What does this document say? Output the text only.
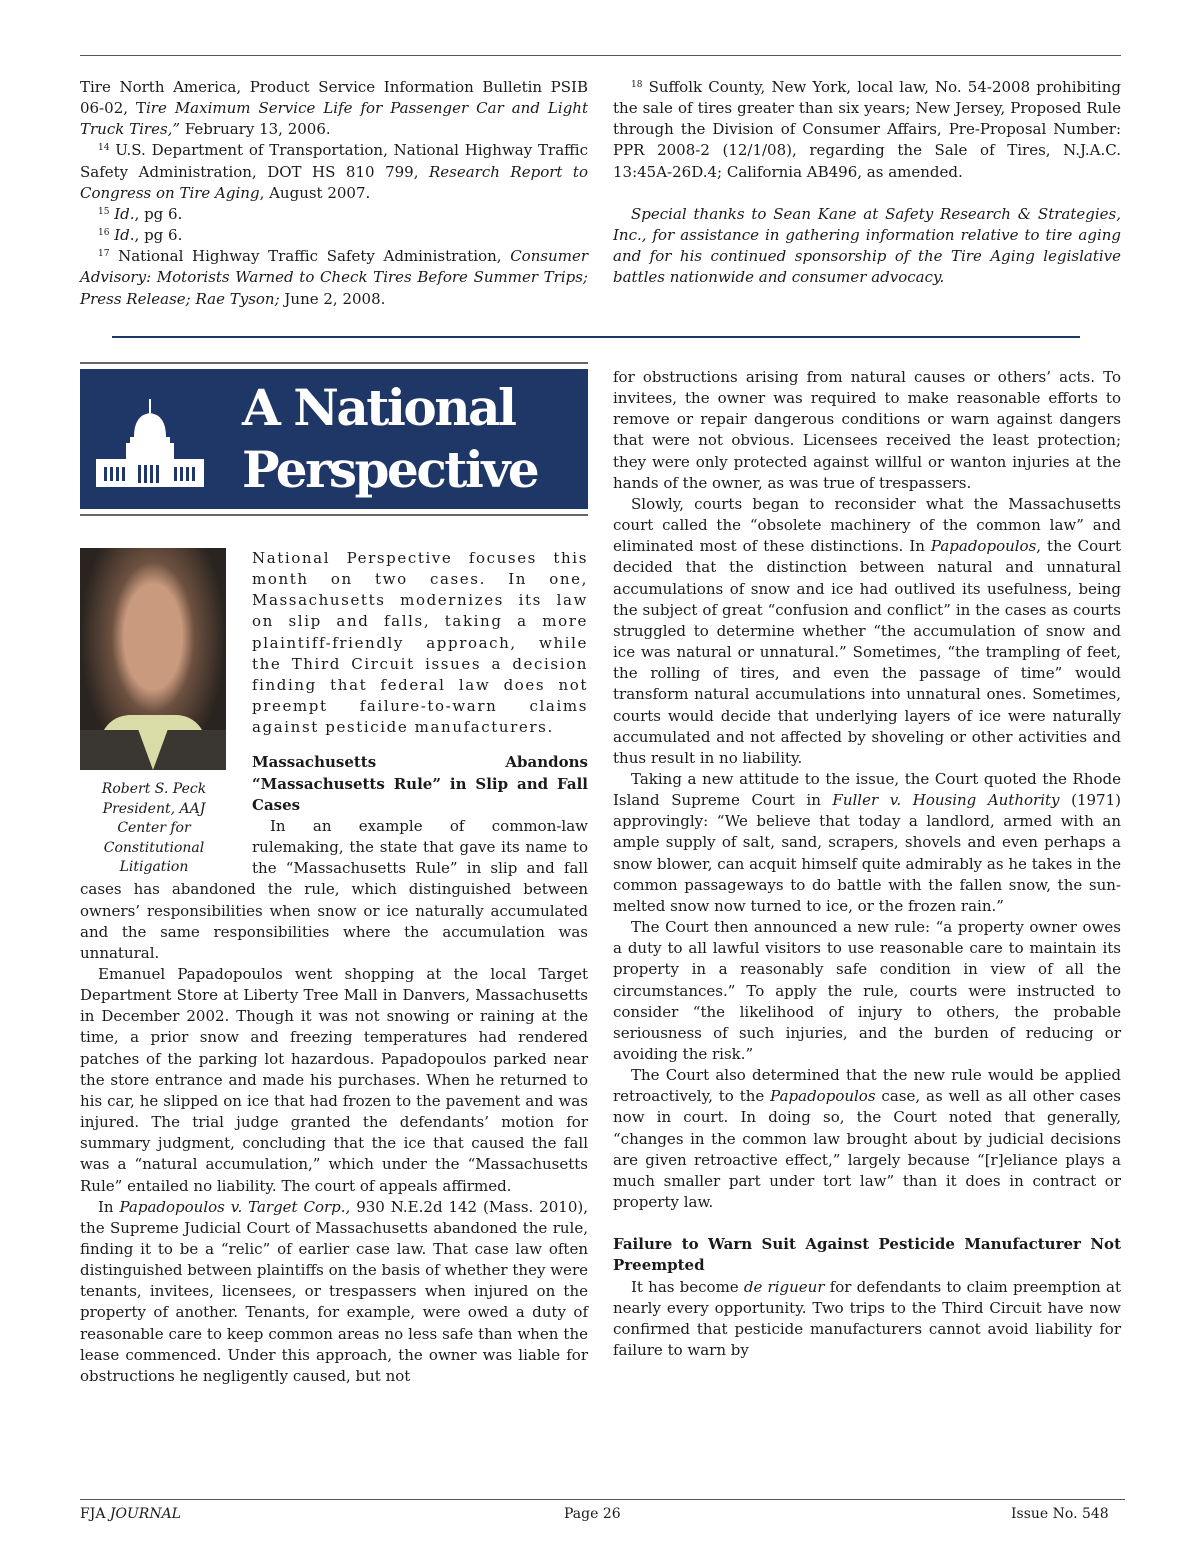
Tire North America, Product Service Information Bulletin PSIB 06-02, Tire Maximum Service Life for Passenger Car and Light Truck Tires,” February 13, 2006.

$^{14}$ U.S. Department of Transportation, National Highway Traffic Safety Administration, DOT HS 810 799, Research Report to Congress on Tire Aging, August 2007.

$^{15}$ Id., pg 6.

$^{16}$ Id., pg 6.

$^{17}$ National Highway Traffic Safety Administration, Consumer Advisory: Motorists Warned to Check Tires Before Summer Trips; Press Release; Rae Tyson; June 2, 2008.

$^{18}$ Suffolk County, New York, local law, No. 54-2008 prohibiting the sale of tires greater than six years; New Jersey, Proposed Rule through the Division of Consumer Affairs, Pre-Proposal Number: PPR 2008-2 (12/1/08), regarding the Sale of Tires, N.J.A.C. 13:45A-26D.4; California AB496, as amended.

Special thanks to Sean Kane at Safety Research & Strategies, Inc., for assistance in gathering information relative to tire aging and for his continued sponsorship of the Tire Aging legislative battles nationwide and consumer advocacy.

A National
Perspective
Robert S. Peck President, AAJ Center for Constitutional Litigation

National Perspective focuses this month on two cases. In one, Massachusetts modernizes its law on slip and falls, taking a more plaintiff-friendly approach, while the Third Circuit issues a decision finding that federal law does not preempt failure-to-warn claims against pesticide manufacturers.

Massachusetts Abandons “Massachusetts Rule” in Slip and Fall Cases

In an example of common-law rulemaking, the state that gave its name to the “Massachusetts Rule” in slip and fall cases has abandoned the rule, which distinguished between owners’ responsibilities when snow or ice naturally accumulated and the same responsibilities where the accumulation was unnatural.

Emanuel Papadopoulos went shopping at the local Target Department Store at Liberty Tree Mall in Danvers, Massachusetts in December 2002. Though it was not snowing or raining at the time, a prior snow and freezing temperatures had rendered patches of the parking lot hazardous. Papadopoulos parked near the store entrance and made his purchases. When he returned to his car, he slipped on ice that had frozen to the pavement and was injured. The trial judge granted the defendants’ motion for summary judgment, concluding that the ice that caused the fall was a “natural accumulation,” which under the “Massachusetts Rule” entailed no liability. The court of appeals affirmed.

In Papadopoulos v. Target Corp., 930 N.E.2d 142 (Mass. 2010), the Supreme Judicial Court of Massachusetts abandoned the rule, finding it to be a “relic” of earlier case law. That case law often distinguished between plaintiffs on the basis of whether they were tenants, invitees, licensees, or trespassers when injured on the property of another. Tenants, for example, were owed a duty of reasonable care to keep common areas no less safe than when the lease commenced. Under this approach, the owner was liable for obstructions he negligently caused, but not

for obstructions arising from natural causes or others’ acts. To invitees, the owner was required to make reasonable efforts to remove or repair dangerous conditions or warn against dangers that were not obvious. Licensees received the least protection; they were only protected against willful or wanton injuries at the hands of the owner, as was true of trespassers.

Slowly, courts began to reconsider what the Massachusetts court called the “obsolete machinery of the common law” and eliminated most of these distinctions. In Papadopoulos, the Court decided that the distinction between natural and unnatural accumulations of snow and ice had outlived its usefulness, being the subject of great “confusion and conflict” in the cases as courts struggled to determine whether “the accumulation of snow and ice was natural or unnatural.” Sometimes, “the trampling of feet, the rolling of tires, and even the passage of time” would transform natural accumulations into unnatural ones. Sometimes, courts would decide that underlying layers of ice were naturally accumulated and not affected by shoveling or other activities and thus result in no liability.

Taking a new attitude to the issue, the Court quoted the Rhode Island Supreme Court in Fuller v. Housing Authority (1971) approvingly: “We believe that today a landlord, armed with an ample supply of salt, sand, scrapers, shovels and even perhaps a snow blower, can acquit himself quite admirably as he takes in the common passageways to do battle with the fallen snow, the sun-melted snow now turned to ice, or the frozen rain.”

The Court then announced a new rule: “a property owner owes a duty to all lawful visitors to use reasonable care to maintain its property in a reasonably safe condition in view of all the circumstances.” To apply the rule, courts were instructed to consider “the likelihood of injury to others, the probable seriousness of such injuries, and the burden of reducing or avoiding the risk.”

The Court also determined that the new rule would be applied retroactively, to the Papadopoulos case, as well as all other cases now in court. In doing so, the Court noted that generally, “changes in the common law brought about by judicial decisions are given retroactive effect,” largely because “[r]eliance plays a much smaller part under tort law” than it does in contract or property law.

Failure to Warn Suit Against Pesticide Manufacturer Not Preempted

It has become de rigueur for defendants to claim preemption at nearly every opportunity. Two trips to the Third Circuit have now confirmed that pesticide manufacturers cannot avoid liability for failure to warn by

FJA JOURNAL	Page 26	Issue No. 548
